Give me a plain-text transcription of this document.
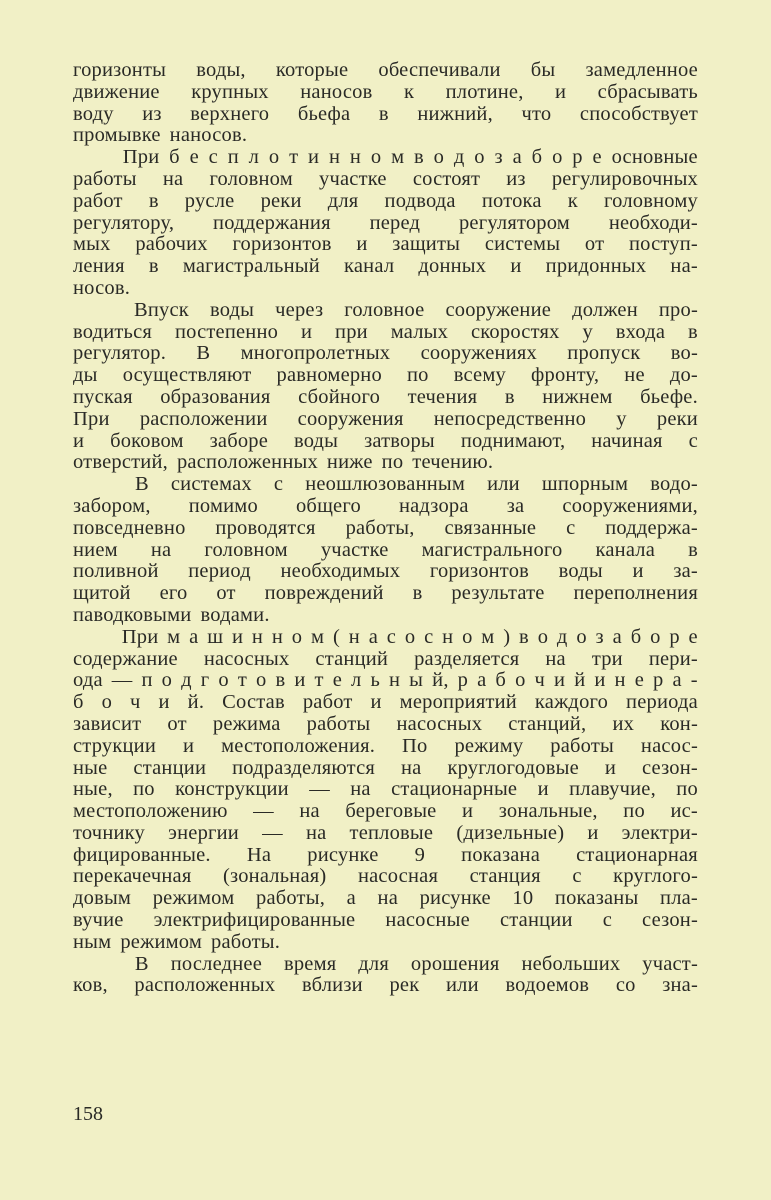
горизонты воды, которые обеспечивали бы замедленное
движение крупных наносов к плотине, и сбрасывать
воду из верхнего бьефа в нижний, что способствует
промывке наносов.
При б е с п л о т и н н о м в о д о з а б о р е основные
работы на головном участке состоят из регулировочных
работ в русле реки для подвода потока к головному
регулятору, поддержания перед регулятором необходи-
мых рабочих горизонтов и защиты системы от поступ-
ления в магистральный канал донных и придонных на-
носов.
Впуск воды через головное сооружение должен про-
водиться постепенно и при малых скоростях у входа в
регулятор. В многопролетных сооружениях пропуск во-
ды осуществляют равномерно по всему фронту, не до-
пуская образования сбойного течения в нижнем бьефе.
При расположении сооружения непосредственно у реки
и боковом заборе воды затворы поднимают, начиная с
отверстий, расположенных ниже по течению.
В системах с неошлюзованным или шпорным водо-
забором, помимо общего надзора за сооружениями,
повседневно проводятся работы, связанные с поддержа-
нием на головном участке магистрального канала в
поливной период необходимых горизонтов воды и за-
щитой его от повреждений в результате переполнения
паводковыми водами.
При м а ш и н н о м ( н а с о с н о м ) в о д о з а б о р е
содержание насосных станций разделяется на три пери-
ода — п о д г о т о в и т е л ь н ы й, р а б о ч и й и н е р а -
б о ч и й. Состав работ и мероприятий каждого периода
зависит от режима работы насосных станций, их кон-
струкции и местоположения. По режиму работы насос-
ные станции подразделяются на круглогодовые и сезон-
ные, по конструкции — на стационарные и плавучие, по
местоположению — на береговые и зональные, по ис-
точнику энергии — на тепловые (дизельные) и электри-
фицированные. На рисунке 9 показана стационарная
перекачечная (зональная) насосная станция с круглого-
довым режимом работы, а на рисунке 10 показаны пла-
вучие электрифицированные насосные станции с сезон-
ным режимом работы.
В последнее время для орошения небольших участ-
ков, расположенных вблизи рек или водоемов со зна-
158
